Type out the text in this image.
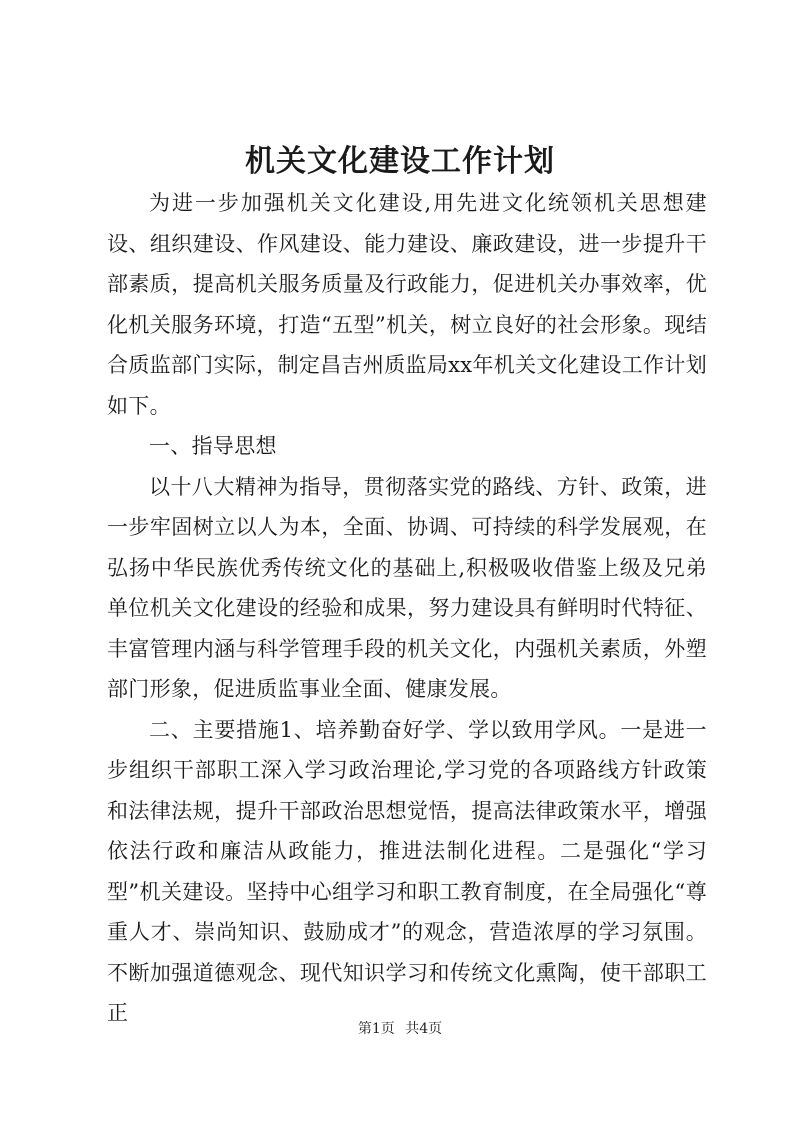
机关文化建设工作计划

为进一步加强机关文化建设,用先进文化统领机关思想建设、组织建设、作风建设、能力建设、廉政建设，进一步提升干部素质，提高机关服务质量及行政能力，促进机关办事效率，优化机关服务环境，打造“五型”机关，树立良好的社会形象。现结合质监部门实际，制定昌吉州质监局xx年机关文化建设工作计划如下。

一、指导思想

以十八大精神为指导，贯彻落实党的路线、方针、政策，进一步牢固树立以人为本，全面、协调、可持续的科学发展观，在弘扬中华民族优秀传统文化的基础上,积极吸收借鉴上级及兄弟单位机关文化建设的经验和成果，努力建设具有鲜明时代特征、丰富管理内涵与科学管理手段的机关文化，内强机关素质，外塑部门形象，促进质监事业全面、健康发展。

二、主要措施1、培养勤奋好学、学以致用学风。一是进一步组织干部职工深入学习政治理论,学习党的各项路线方针政策和法律法规，提升干部政治思想觉悟，提高法律政策水平，增强依法行政和廉洁从政能力，推进法制化进程。二是强化“学习型”机关建设。坚持中心组学习和职工教育制度，在全局强化“尊重人才、崇尚知识、鼓励成才”的观念，营造浓厚的学习氛围。不断加强道德观念、现代知识学习和传统文化熏陶，使干部职工正

第1页 共4页
